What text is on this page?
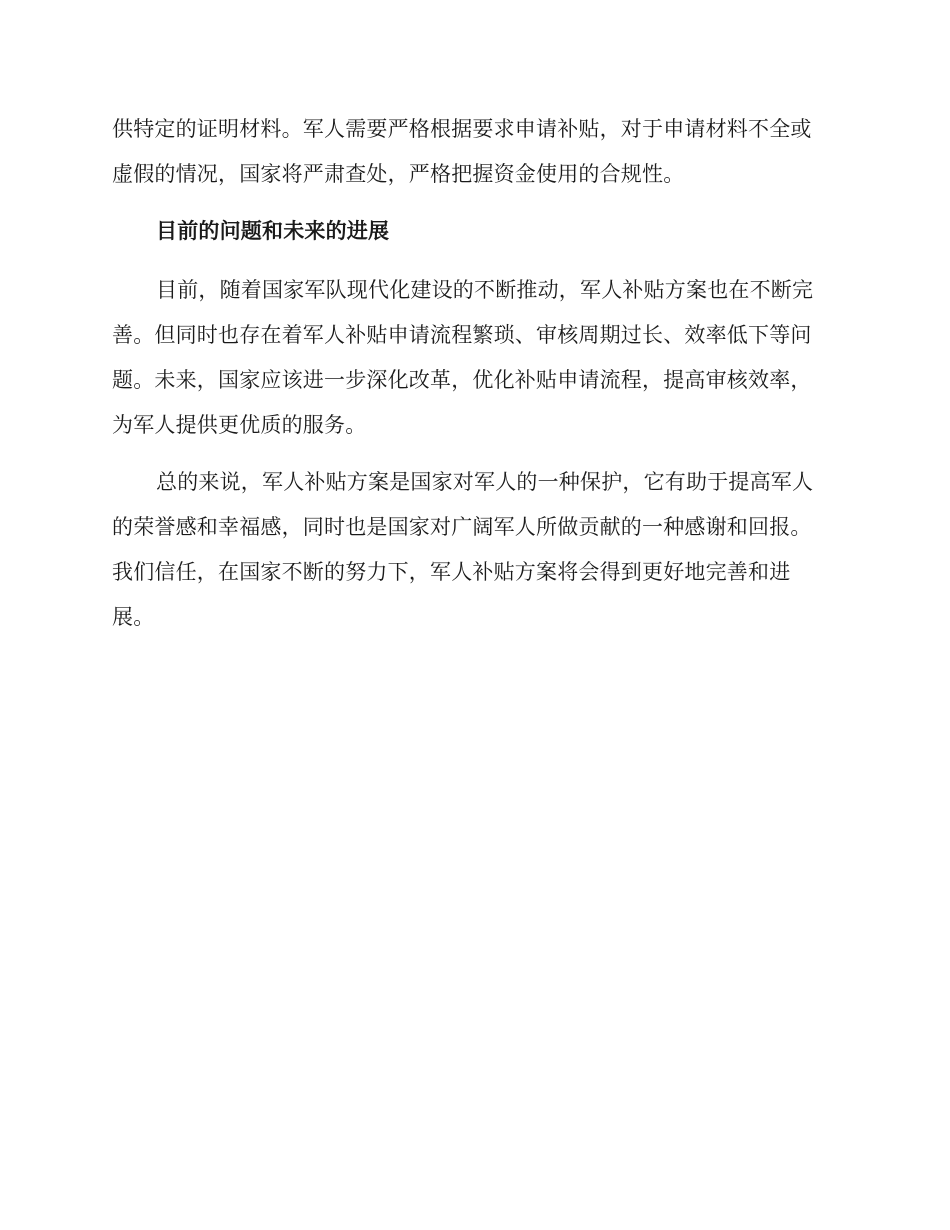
供特定的证明材料。军人需要严格根据要求申请补贴，对于申请材料不全或
虚假的情况，国家将严肃查处，严格把握资金使用的合规性。
目前的问题和未来的进展
目前，随着国家军队现代化建设的不断推动，军人补贴方案也在不断完
善。但同时也存在着军人补贴申请流程繁琐、审核周期过长、效率低下等问
题。未来，国家应该进一步深化改革，优化补贴申请流程，提高审核效率，
为军人提供更优质的服务。
总的来说，军人补贴方案是国家对军人的一种保护，它有助于提高军人
的荣誉感和幸福感，同时也是国家对广阔军人所做贡献的一种感谢和回报。
我们信任，在国家不断的努力下，军人补贴方案将会得到更好地完善和进
展。
